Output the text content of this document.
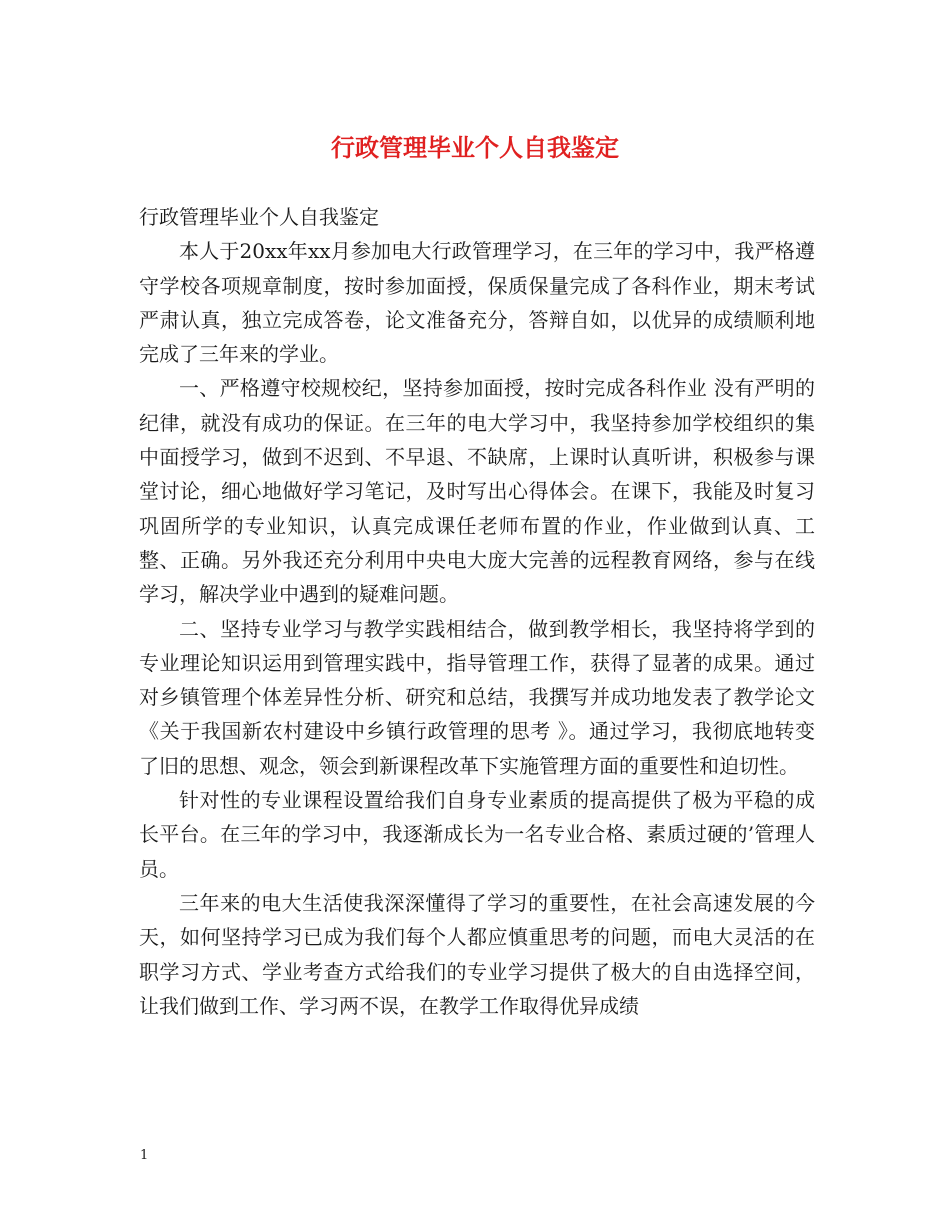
行政管理毕业个人自我鉴定

行政管理毕业个人自我鉴定

本人于20xx年xx月参加电大行政管理学习，在三年的学习中，我严格遵守学校各项规章制度，按时参加面授，保质保量完成了各科作业，期末考试严肃认真，独立完成答卷，论文准备充分，答辩自如，以优异的成绩顺利地完成了三年来的学业。

一、严格遵守校规校纪，坚持参加面授，按时完成各科作业 没有严明的纪律，就没有成功的保证。在三年的电大学习中，我坚持参加学校组织的集中面授学习，做到不迟到、不早退、不缺席，上课时认真听讲，积极参与课堂讨论，细心地做好学习笔记，及时写出心得体会。在课下，我能及时复习巩固所学的专业知识，认真完成课任老师布置的作业，作业做到认真、工整、正确。另外我还充分利用中央电大庞大完善的远程教育网络，参与在线学习，解决学业中遇到的疑难问题。

二、坚持专业学习与教学实践相结合，做到教学相长，我坚持将学到的专业理论知识运用到管理实践中，指导管理工作，获得了显著的成果。通过对乡镇管理个体差异性分析、研究和总结，我撰写并成功地发表了教学论文《关于我国新农村建设中乡镇行政管理的思考 》。通过学习，我彻底地转变了旧的思想、观念，领会到新课程改革下实施管理方面的重要性和迫切性。

针对性的专业课程设置给我们自身专业素质的提高提供了极为平稳的成长平台。在三年的学习中，我逐渐成长为一名专业合格、素质过硬的’管理人员。

三年来的电大生活使我深深懂得了学习的重要性，在社会高速发展的今天，如何坚持学习已成为我们每个人都应慎重思考的问题，而电大灵活的在职学习方式、学业考查方式给我们的专业学习提供了极大的自由选择空间，让我们做到工作、学习两不误，在教学工作取得优异成绩

1
